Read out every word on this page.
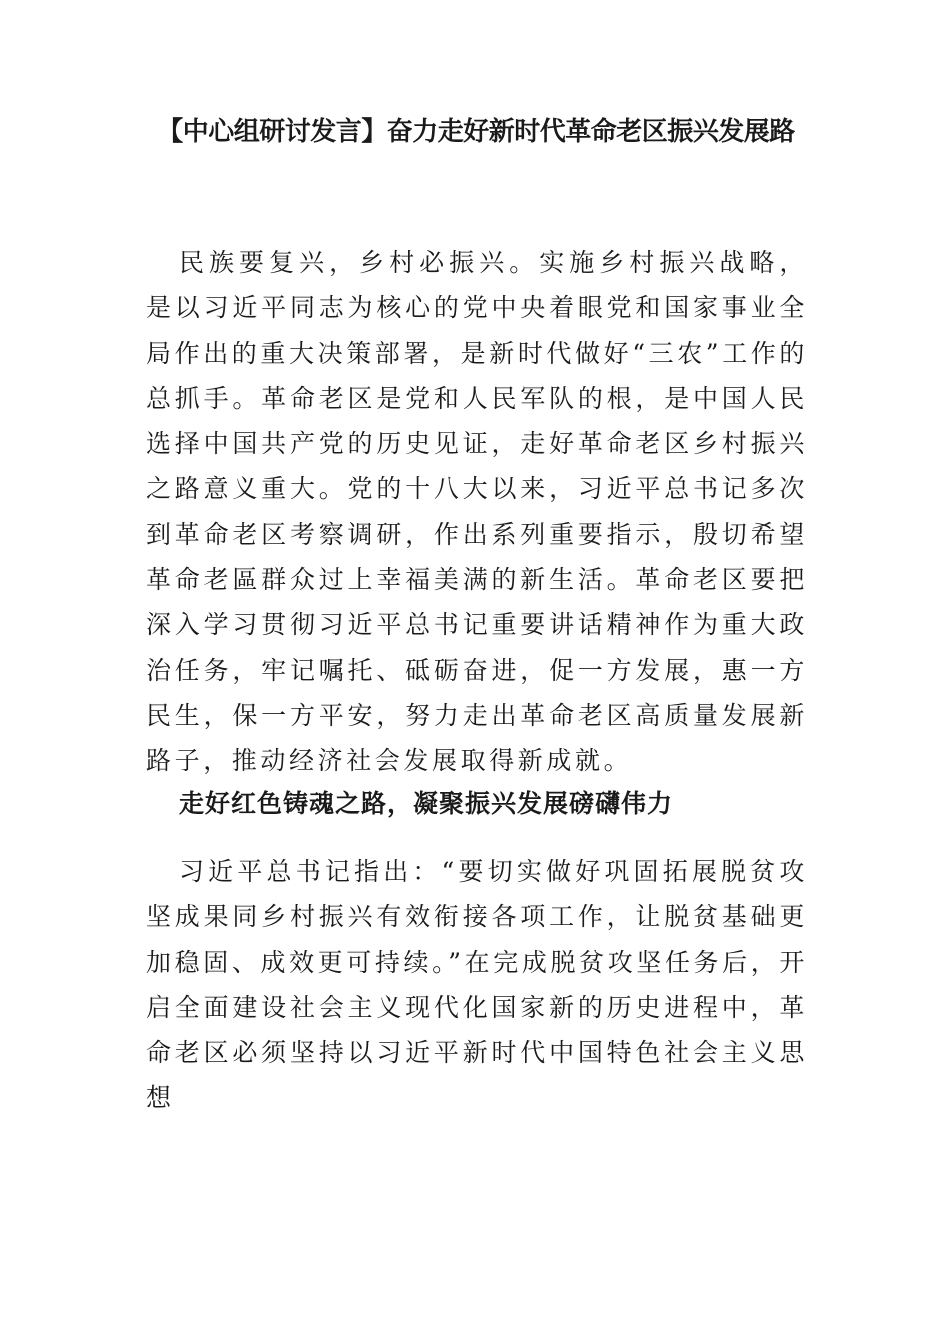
【中心组研讨发言】奋力走好新时代革命老区振兴发展路

民族要复兴，乡村必振兴。实施乡村振兴战略，是以习近平同志为核心的党中央着眼党和国家事业全局作出的重大决策部署，是新时代做好“三农”工作的总抓手。革命老区是党和人民军队的根，是中国人民选择中国共产党的历史见证，走好革命老区乡村振兴之路意义重大。党的十八大以来，习近平总书记多次到革命老区考察调研，作出系列重要指示，殷切希望革命老區群众过上幸福美满的新生活。革命老区要把深入学习贯彻习近平总书记重要讲话精神作为重大政治任务，牢记嘱托、砥砺奋进，促一方发展，惠一方民生，保一方平安，努力走出革命老区高质量发展新路子，推动经济社会发展取得新成就。

走好红色铸魂之路，凝聚振兴发展磅礴伟力

习近平总书记指出：“要切实做好巩固拓展脱贫攻坚成果同乡村振兴有效衔接各项工作，让脱贫基础更加稳固、成效更可持续。”在完成脱贫攻坚任务后，开启全面建设社会主义现代化国家新的历史进程中，革命老区必须坚持以习近平新时代中国特色社会主义思想
